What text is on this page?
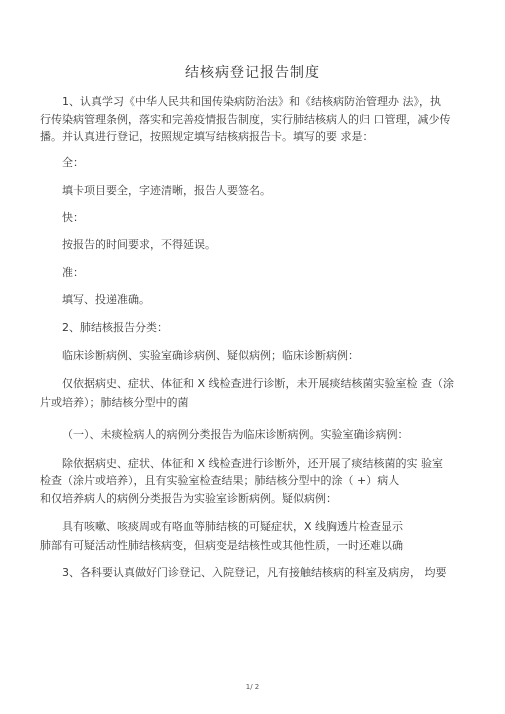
结核病登记报告制度
1、认真学习《中华人民共和国传染病防治法》和《结核病防治管理办 法》，执
行传染病管理条例，落实和完善疫情报告制度，实行肺结核病人的归 口管理，减少传
播。并认真进行登记，按照规定填写结核病报告卡。填写的要 求是：
全：
填卡项目要全，字迹清晰，报告人要签名。
快：
按报告的时间要求，不得延误。
准：
填写、投递准确。
2、肺结核报告分类：
临床诊断病例、实验室确诊病例、疑似病例；临床诊断病例：
仅依据病史、症状、体征和 X 线检查进行诊断，未开展痰结核菌实验室检 查（涂
片或培养）；肺结核分型中的菌
（一）、未痰检病人的病例分类报告为临床诊断病例。实验室确诊病例：
除依据病史、症状、体征和 X 线检查进行诊断外，还开展了痰结核菌的实 验室
检查（涂片或培养），且有实验室检查结果；肺结核分型中的涂（ +）病人
和仅培养病人的病例分类报告为实验室诊断病例。疑似病例：
具有咳嗽、咳痰周或有咯血等肺结核的可疑症状，X 线胸透片检查显示
肺部有可疑活动性肺结核病变，但病变是结核性或其他性质，一时还难以确
3、各科要认真做好门诊登记、入院登记，凡有接触结核病的科室及病房， 均要
1/ 2
